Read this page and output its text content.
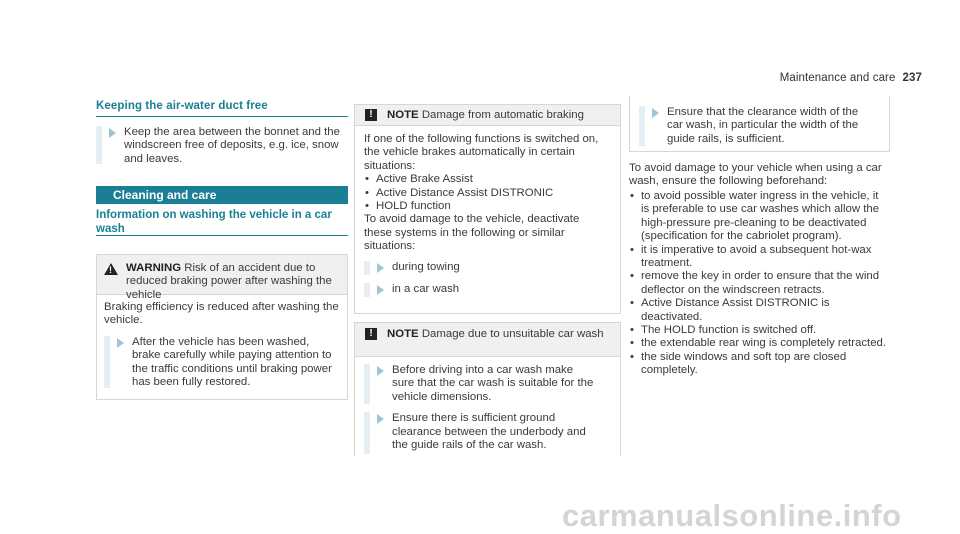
Maintenance and care 237
Keeping the air-water duct free
Keep the area between the bonnet and the windscreen free of deposits, e.g. ice, snow and leaves.
Cleaning and care
Information on washing the vehicle in a car wash
! WARNING Risk of an accident due to reduced braking power after washing the vehicle
Braking efficiency is reduced after washing the vehicle.
After the vehicle has been washed, brake carefully while paying attention to the traffic conditions until braking power has been fully restored.
!	NOTE Damage from automatic braking
If one of the following functions is switched on, the vehicle brakes automatically in certain situations:
• Active Brake Assist
• Active Distance Assist DISTRONIC
• HOLD function
To avoid damage to the vehicle, deactivate these systems in the following or similar situations:
during towing
in a car wash
!	NOTE Damage due to unsuitable car wash
Before driving into a car wash make sure that the car wash is suitable for the vehicle dimensions.
Ensure there is sufficient ground clearance between the underbody and the guide rails of the car wash.
Ensure that the clearance width of the car wash, in particular the width of the guide rails, is sufficient.
To avoid damage to your vehicle when using a car wash, ensure the following beforehand:
• to avoid possible water ingress in the vehicle, it is preferable to use car washes which allow the high-pressure pre-cleaning to be deactivated (specification for the cabriolet program).
• it is imperative to avoid a subsequent hot-wax treatment.
• remove the key in order to ensure that the wind deflector on the windscreen retracts.
• Active Distance Assist DISTRONIC is deactivated.
• The HOLD function is switched off.
• the extendable rear wing is completely retracted.
• the side windows and soft top are closed completely.
carmanualsonline.info
